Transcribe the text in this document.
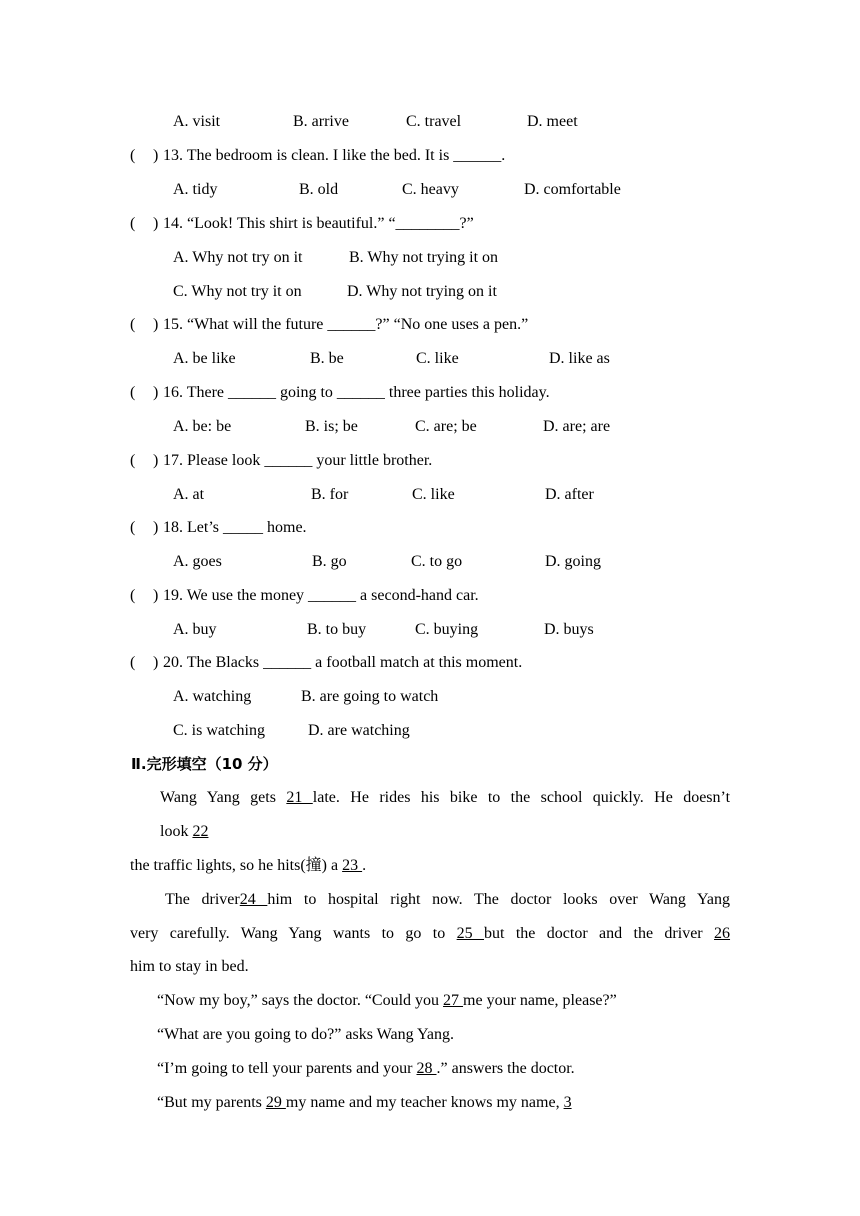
A. visit	B. arrive	C. travel	D. meet
( ) 13. The bedroom is clean. I like the bed. It is ______.
A. tidy	B. old	C. heavy	D. comfortable
( ) 14. “Look! This shirt is beautiful.” “________?”
A. Why not try on it	B. Why not trying it on
C. Why not try it on	D. Why not trying on it
( ) 15. “What will the future ______?” “No one uses a pen.”
A. be like	B. be	C. like	D. like as
( ) 16. There ______ going to ______ three parties this holiday.
A. be: be	B. is; be	C. are; be	D. are; are
( ) 17. Please look ______ your little brother.
A. at	B. for	C. like	D. after
( ) 18. Let’s _____ home.
A. goes	B. go	C. to go	D. going
( ) 19. We use the money ______ a second-hand car.
A. buy	B. to buy	C. buying	D. buys
( ) 20. The Blacks ______ a football match at this moment.
A. watching	B. are going to watch
C. is watching	D. are watching
Ⅱ.完形填空（10 分）
Wang Yang gets 21 late. He rides his bike to the school quickly. He doesn’t
look 22
the traffic lights, so he hits(撞) a 23 .
The driver24 him to hospital right now. The doctor looks over Wang Yang
very carefully. Wang Yang wants to go to 25 but the doctor and the driver 26
him to stay in bed.
“Now my boy,” says the doctor. “Could you 27 me your name, please?”
“What are you going to do?” asks Wang Yang.
“I’m going to tell your parents and your 28 .” answers the doctor.
“But my parents 29 my name and my teacher knows my name, 3
